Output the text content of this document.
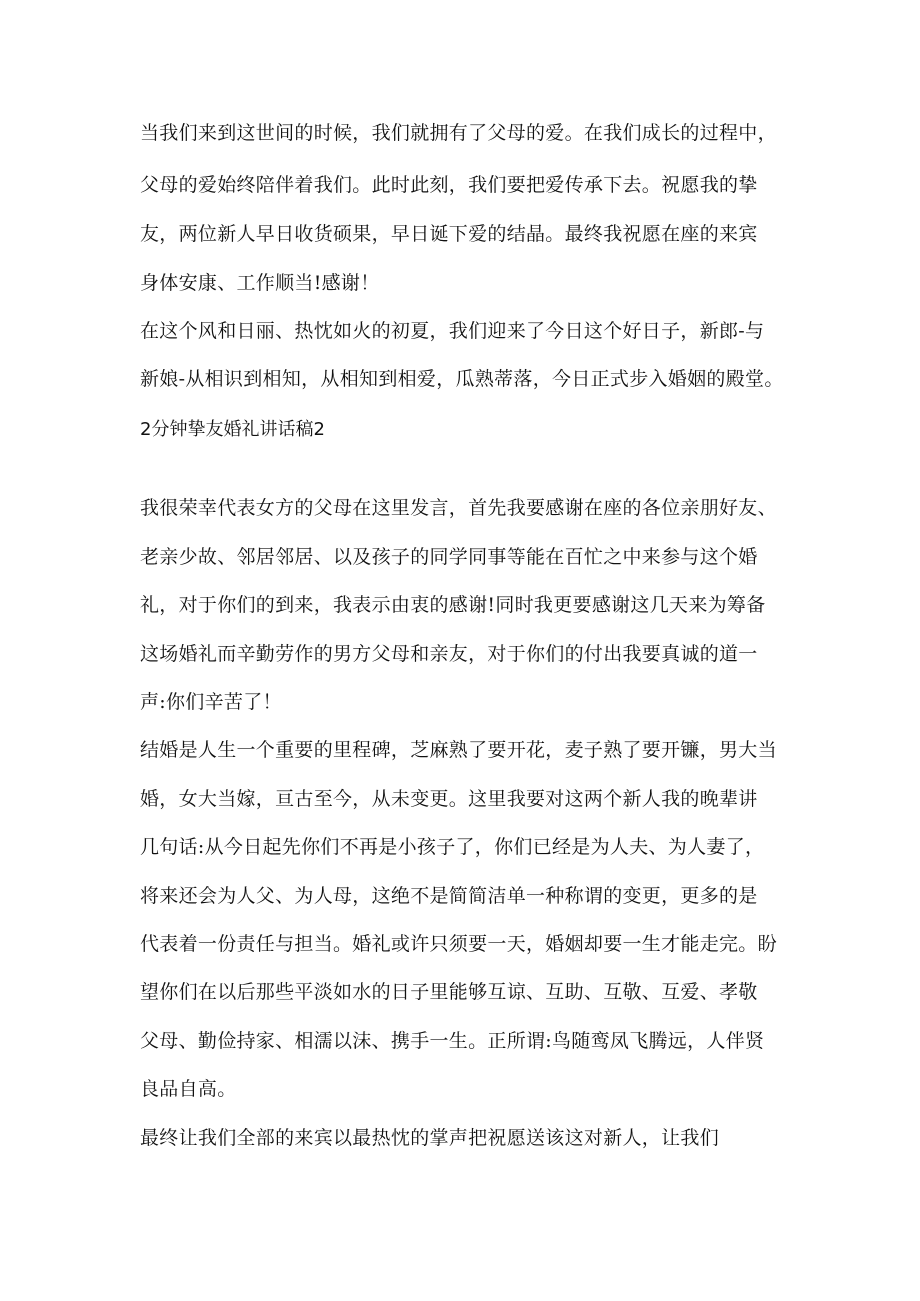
当我们来到这世间的时候，我们就拥有了父母的爱。在我们成长的过程中，
父母的爱始终陪伴着我们。此时此刻，我们要把爱传承下去。祝愿我的挚
友，两位新人早日收货硕果，早日诞下爱的结晶。最终我祝愿在座的来宾
身体安康、工作顺当!感谢！
在这个风和日丽、热忱如火的初夏，我们迎来了今日这个好日子，新郎-与
新娘-从相识到相知，从相知到相爱，瓜熟蒂落，今日正式步入婚姻的殿堂。
2分钟挚友婚礼讲话稿2
我很荣幸代表女方的父母在这里发言，首先我要感谢在座的各位亲朋好友、
老亲少故、邻居邻居、以及孩子的同学同事等能在百忙之中来参与这个婚
礼，对于你们的到来，我表示由衷的感谢!同时我更要感谢这几天来为筹备
这场婚礼而辛勤劳作的男方父母和亲友，对于你们的付出我要真诚的道一
声:你们辛苦了！
结婚是人生一个重要的里程碑，芝麻熟了要开花，麦子熟了要开镰，男大当
婚，女大当嫁，亘古至今，从未变更。这里我要对这两个新人我的晚辈讲
几句话:从今日起先你们不再是小孩子了，你们已经是为人夫、为人妻了，
将来还会为人父、为人母，这绝不是简简洁单一种称谓的变更，更多的是
代表着一份责任与担当。婚礼或许只须要一天，婚姻却要一生才能走完。盼
望你们在以后那些平淡如水的日子里能够互谅、互助、互敬、互爱、孝敬
父母、勤俭持家、相濡以沫、携手一生。正所谓:鸟随鸾凤飞腾远，人伴贤
良品自高。
最终让我们全部的来宾以最热忱的掌声把祝愿送该这对新人，让我们
